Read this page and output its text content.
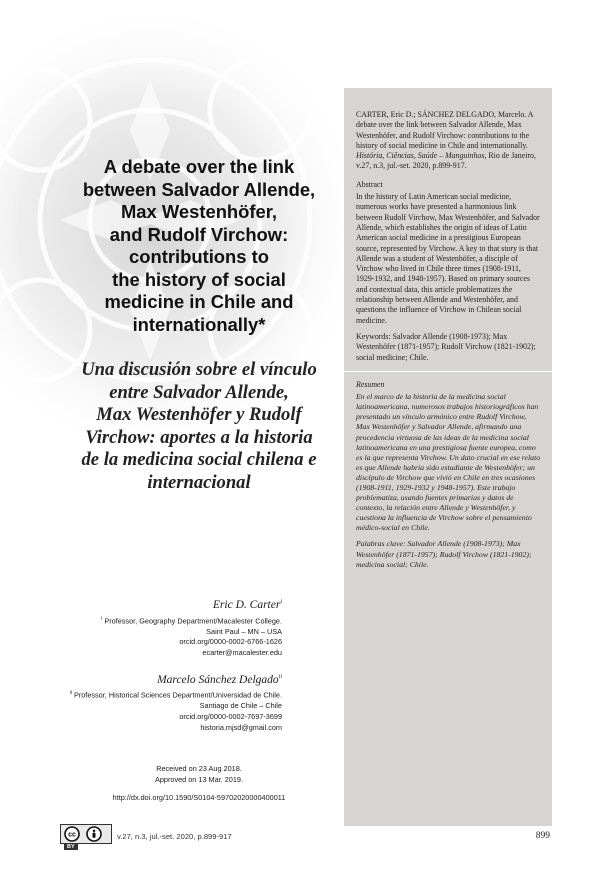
A debate over the link
between Salvador Allende,
Max Westenhöfer,
and Rudolf Virchow:
contributions to
the history of social
medicine in Chile and
internationally*
Una discusión sobre el vínculo
entre Salvador Allende,
Max Westenhöfer y Rudolf
Virchow: aportes a la historia
de la medicina social chilena e
internacional
Eric D. Carter$^i$
$^i$ Professor, Geography Department/Macalester College.
Saint Paul – MN – USA
orcid.org/0000-0002-6766-1626
ecarter@macalester.edu
Marcelo Sánchez Delgado$^{ii}$
$^{ii}$ Professor, Historical Sciences Department/Universidad de Chile.
Santiago de Chile – Chile
orcid.org/0000-0002-7697-3699
historia.mjsd@gmail.com
Received on 23 Aug 2018.
Approved on 13 Mar. 2019.
http://dx.doi.org/10.1590/S0104-59702020000400011

CARTER, Eric D.; SÁNCHEZ DELGADO, Marcelo. A debate over the link between Salvador Allende, Max Westenhöfer, and Rudolf Virchow: contributions to the history of social medicine in Chile and internationally. História, Ciências, Saúde – Manguinhos, Rio de Janeiro, v.27, n.3, jul.-set. 2020, p.899-917.

Abstract

In the history of Latin American social medicine, numerous works have presented a harmonious link between Rudolf Virchow, Max Westenhöfer, and Salvador Allende, which establishes the origin of ideas of Latin American social medicine in a prestigious European source, represented by Virchow. A key to that story is that Allende was a student of Westenhöfer, a disciple of Virchow who lived in Chile three times (1908-1911, 1929-1932, and 1948-1957). Based on primary sources and contextual data, this article problematizes the relationship between Allende and Westenhöfer, and questions the influence of Virchow in Chilean social medicine.

Keywords: Salvador Allende (1908-1973); Max Westenhöfer (1871-1957); Rudolf Virchow (1821-1902); social medicine; Chile.

Resumen

En el marco de la historia de la medicina social latinoamericana, numerosos trabajos historiográficos han presentado un vínculo armónico entre Rudolf Virchow, Max Westenhöfer y Salvador Allende, afirmando una procedencia virtuosa de las ideas de la medicina social latinoamericana en una prestigiosa fuente europea, como es la que representa Virchow. Un dato crucial en ese relato es que Allende habría sido estudiante de Westenhöfer; un discípulo de Virchow que vivió en Chile en tres ocasiones (1908-1911, 1929-1932 y 1948-1957). Este trabajo problematiza, usando fuentes primarias y datos de contexto, la relación entre Allende y Westenhöfer, y cuestiona la influencia de Virchow sobre el pensamiento médico-social en Chile.

Palabras clave: Salvador Allende (1908-1973); Max Westenhöfer (1871-1957); Rudolf Virchow (1821-1902); medicina social; Chile.

cc
BY
v.27, n.3, jul.-set. 2020, p.899-917	899
